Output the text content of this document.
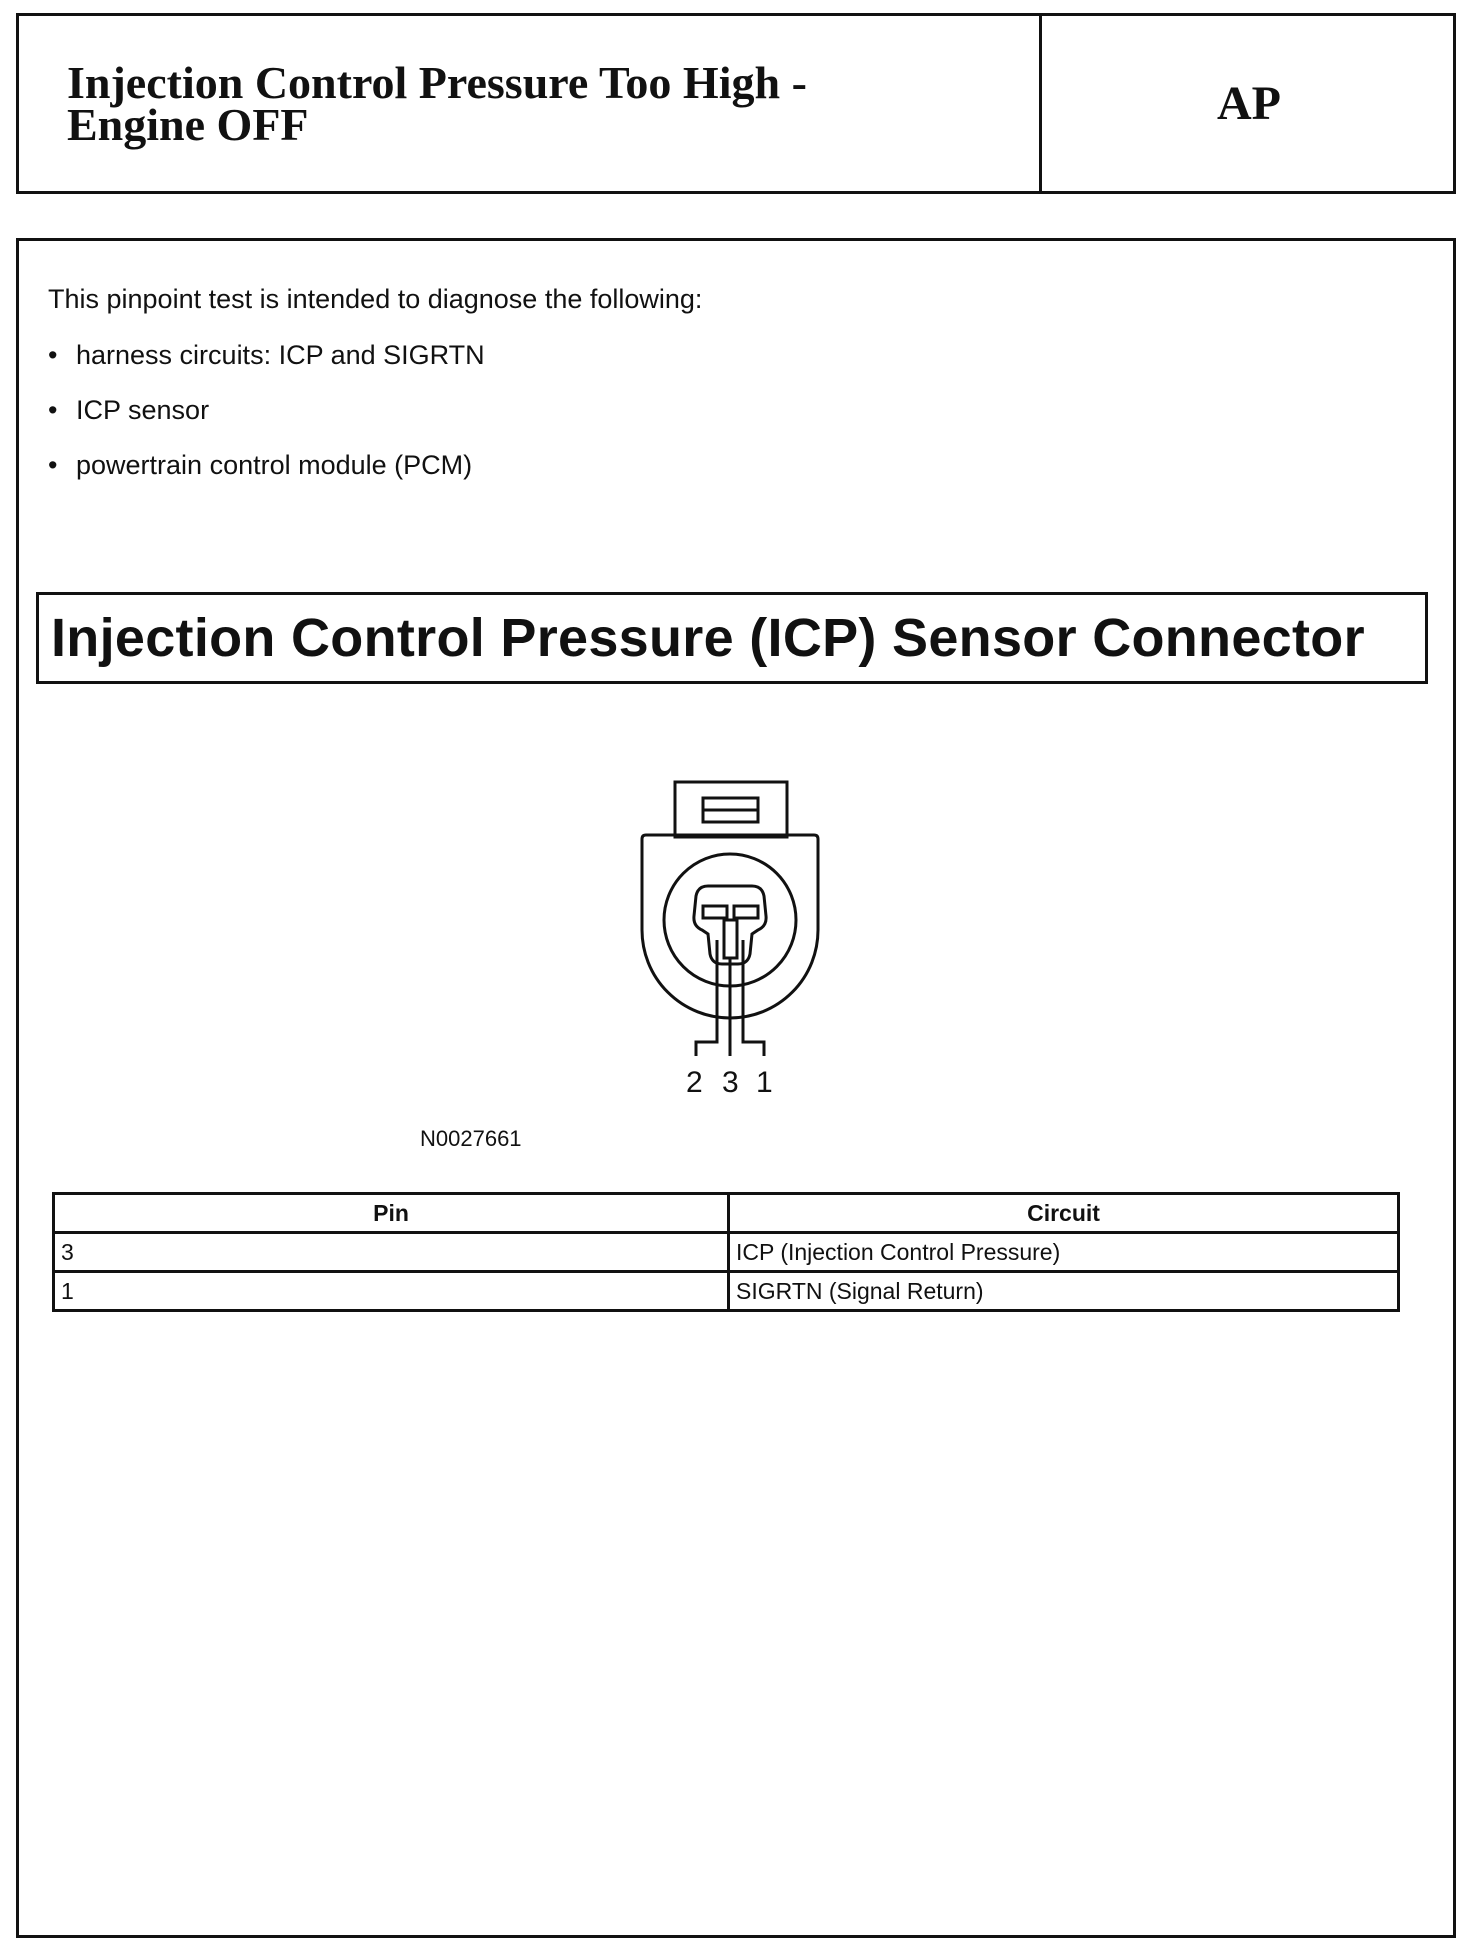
Injection Control Pressure Too High -
Engine OFF	AP

This pinpoint test is intended to diagnose the following:

• harness circuits: ICP and SIGRTN
• ICP sensor
• powertrain control module (PCM)
Injection Control Pressure (ICP) Sensor Connector
2 3 1

N0027661

Pin	Circuit
3	ICP (Injection Control Pressure)
1	SIGRTN (Signal Return)
